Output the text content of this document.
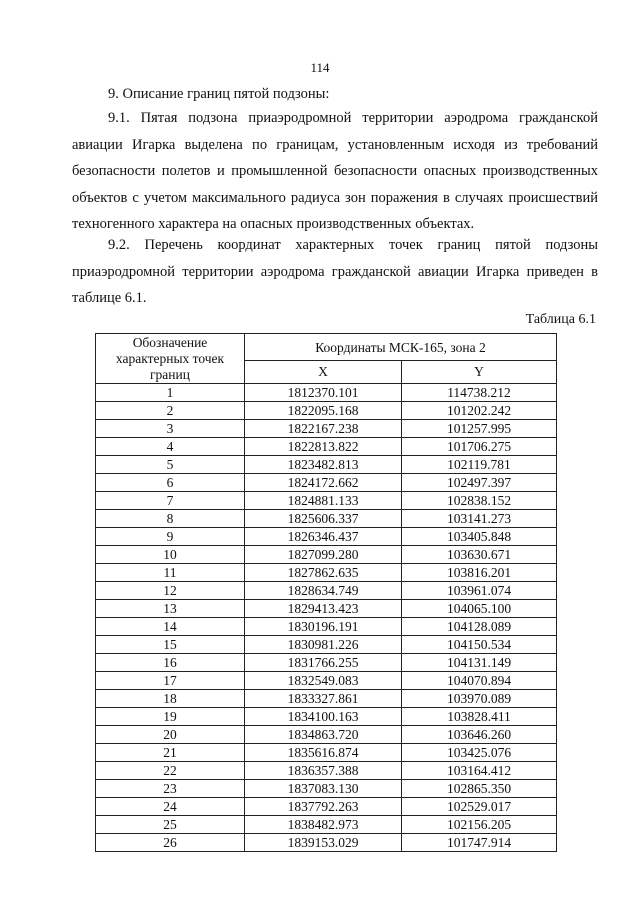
114
9. Описание границ пятой подзоны:
9.1. Пятая подзона приаэродромной территории аэродрома гражданской авиации Игарка выделена по границам, установленным исходя из требований безопасности полетов и промышленной безопасности опасных производственных объектов с учетом максимального радиуса зон поражения в случаях происшествий техногенного характера на опасных производственных объектах.
9.2. Перечень координат характерных точек границ пятой подзоны приаэродромной территории аэродрома гражданской авиации Игарка приведен в таблице 6.1.
Таблица 6.1
Обозначение характерных точек границ	Координаты МСК-165, зона 2	
	X	Y
1	1812370.101	114738.212
2	1822095.168	101202.242
3	1822167.238	101257.995
4	1822813.822	101706.275
5	1823482.813	102119.781
6	1824172.662	102497.397
7	1824881.133	102838.152
8	1825606.337	103141.273
9	1826346.437	103405.848
10	1827099.280	103630.671
11	1827862.635	103816.201
12	1828634.749	103961.074
13	1829413.423	104065.100
14	1830196.191	104128.089
15	1830981.226	104150.534
16	1831766.255	104131.149
17	1832549.083	104070.894
18	1833327.861	103970.089
19	1834100.163	103828.411
20	1834863.720	103646.260
21	1835616.874	103425.076
22	1836357.388	103164.412
23	1837083.130	102865.350
24	1837792.263	102529.017
25	1838482.973	102156.205
26	1839153.029	101747.914
